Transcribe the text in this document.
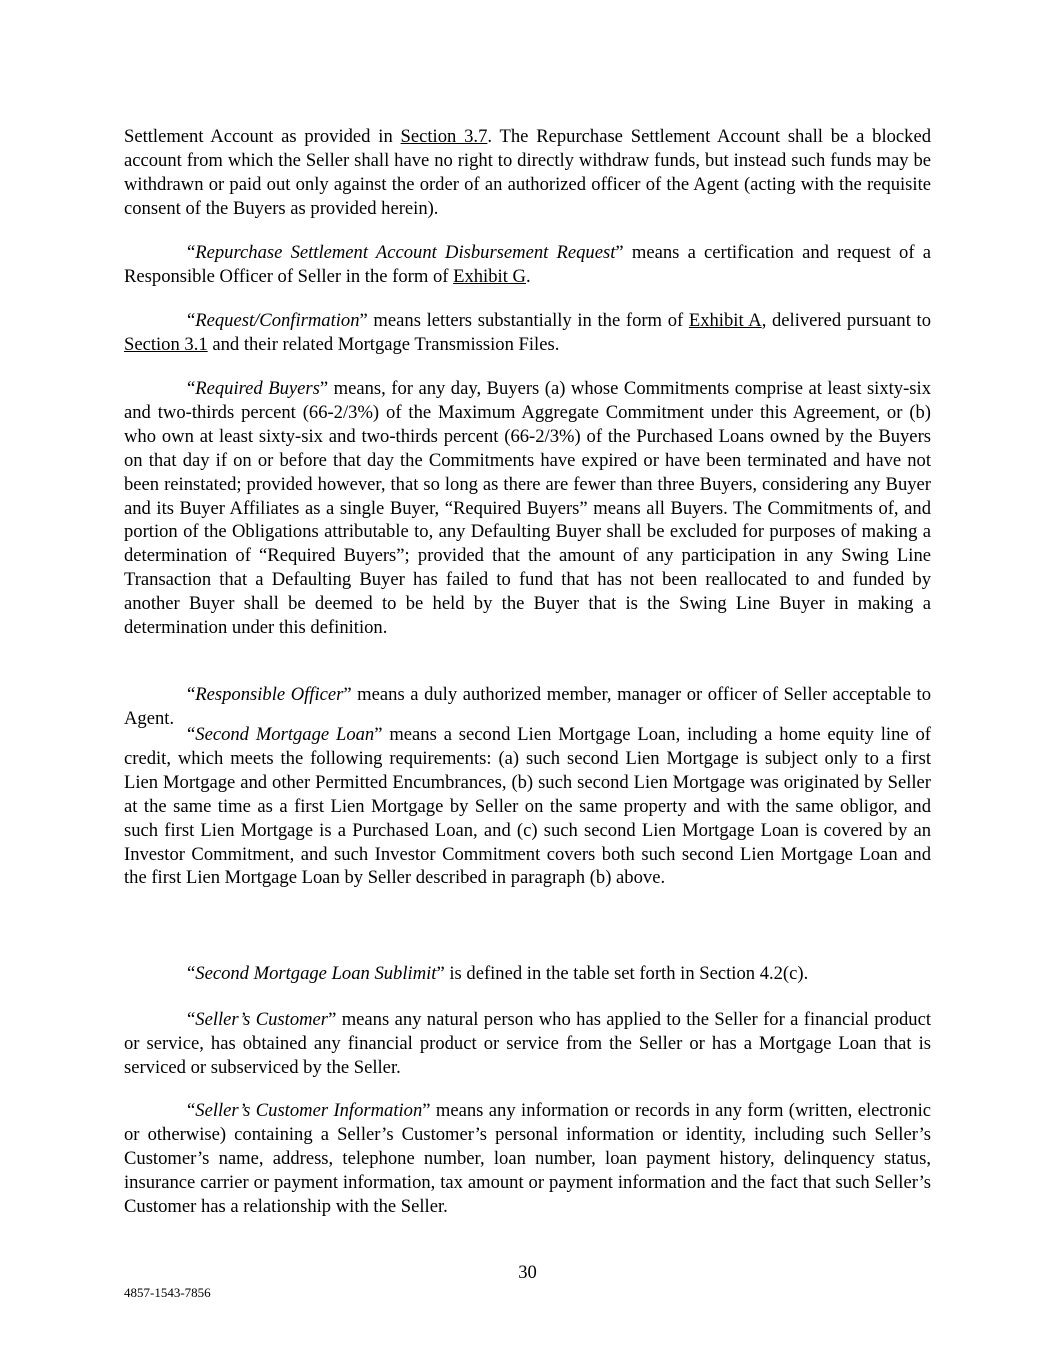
Settlement Account as provided in Section 3.7. The Repurchase Settlement Account shall be a blocked account from which the Seller shall have no right to directly withdraw funds, but instead such funds may be withdrawn or paid out only against the order of an authorized officer of the Agent (acting with the requisite consent of the Buyers as provided herein).

“Repurchase Settlement Account Disbursement Request” means a certification and request of a Responsible Officer of Seller in the form of Exhibit G.

“Request/Confirmation” means letters substantially in the form of Exhibit A, delivered pursuant to Section 3.1 and their related Mortgage Transmission Files.

“Required Buyers” means, for any day, Buyers (a) whose Commitments comprise at least sixty-six and two-thirds percent (66-2/3%) of the Maximum Aggregate Commitment under this Agreement, or (b) who own at least sixty-six and two-thirds percent (66-2/3%) of the Purchased Loans owned by the Buyers on that day if on or before that day the Commitments have expired or have been terminated and have not been reinstated; provided however, that so long as there are fewer than three Buyers, considering any Buyer and its Buyer Affiliates as a single Buyer, “Required Buyers” means all Buyers. The Commitments of, and portion of the Obligations attributable to, any Defaulting Buyer shall be excluded for purposes of making a determination of “Required Buyers”; provided that the amount of any participation in any Swing Line Transaction that a Defaulting Buyer has failed to fund that has not been reallocated to and funded by another Buyer shall be deemed to be held by the Buyer that is the Swing Line Buyer in making a determination under this definition.

“Responsible Officer” means a duly authorized member, manager or officer of Seller acceptable to Agent.

“Second Mortgage Loan” means a second Lien Mortgage Loan, including a home equity line of credit, which meets the following requirements: (a) such second Lien Mortgage is subject only to a first Lien Mortgage and other Permitted Encumbrances, (b) such second Lien Mortgage was originated by Seller at the same time as a first Lien Mortgage by Seller on the same property and with the same obligor, and such first Lien Mortgage is a Purchased Loan, and (c) such second Lien Mortgage Loan is covered by an Investor Commitment, and such Investor Commitment covers both such second Lien Mortgage Loan and the first Lien Mortgage Loan by Seller described in paragraph (b) above.

“Second Mortgage Loan Sublimit” is defined in the table set forth in Section 4.2(c).

“Seller’s Customer” means any natural person who has applied to the Seller for a financial product or service, has obtained any financial product or service from the Seller or has a Mortgage Loan that is serviced or subserviced by the Seller.

“Seller’s Customer Information” means any information or records in any form (written, electronic or otherwise) containing a Seller’s Customer’s personal information or identity, including such Seller’s Customer’s name, address, telephone number, loan number, loan payment history, delinquency status, insurance carrier or payment information, tax amount or payment information and the fact that such Seller’s Customer has a relationship with the Seller.

30
4857-1543-7856
